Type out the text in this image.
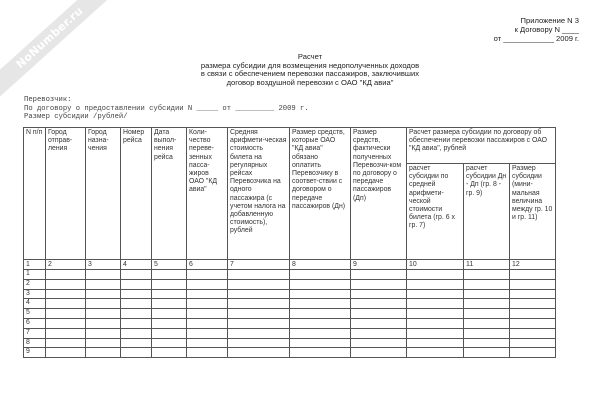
NoNumber.ru	Приложение N 3
к Договору N ____
от ____________ 2009 г.
Расчет
размера субсидии для возмещения недополученных доходов
в связи с обеспечением перевозки пассажиров, заключивших
договор воздушной перевозки с ОАО "КД авиа"
Перевозчик:
По договору о предоставлении субсидии N _____ от _________ 2009 г.
Размер субсидии /рублей/
N п/п	Город отправ-ления	Город назна-чения	Номер рейса	Дата выпол-нения рейса	Коли-чество переве-зенных пасса-жиров ОАО "КД авиа"	Средняя арифмети-ческая стоимость билета на регулярных рейсах Перевозчика на одного пассажира (с учетом налога на добавленную стоимость), рублей	Размер средств, которые ОАО "КД авиа" обязано оплатить Перевозчику в соответ-ствии с договором о передаче пассажиров (Дн)	Размер средств, фактически полученных Перевозчи-ком по договору о передаче пассажиров (Дп)	Расчет размера субсидии по договору об обеспечении перевозки пассажиров с ОАО "КД авиа", рублей		
									расчет субсидии по средней арифмети-ческой стоимости билета (гр. 6 x гр. 7)	расчет субсидии Дн - Дп (гр. 8 - гр. 9)	Размер субсидии (мини-мальная величина между гр. 10 и гр. 11)
1	2	3	4	5	6	7	8	9	10	11	12
1											
2											
3											
4											
5											
6											
7											
8											
9											
